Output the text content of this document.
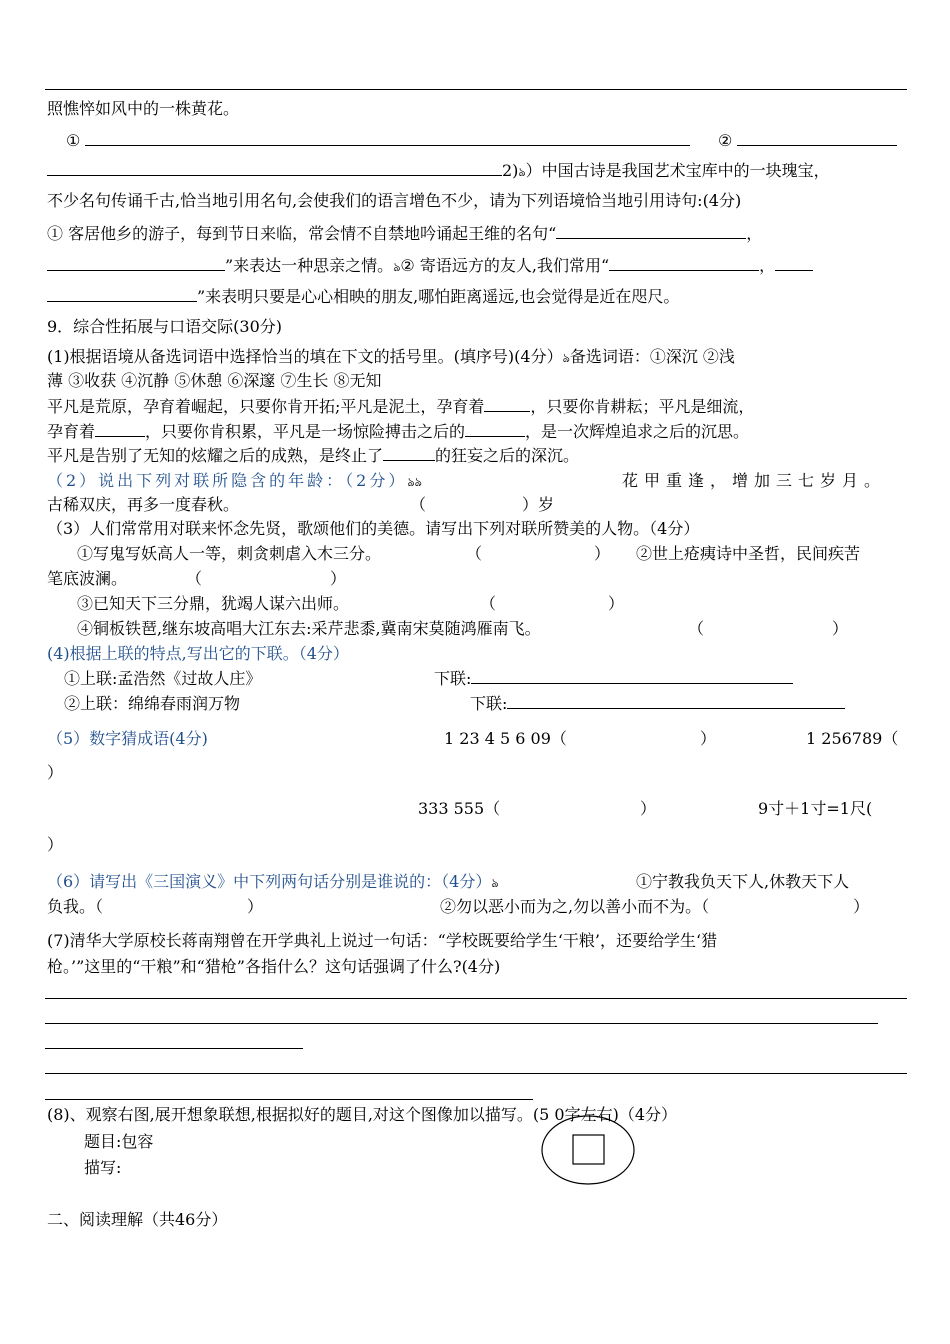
照憔悴如风中的一株黄花。
①	②
2)ঌ）中国古诗是我国艺术宝库中的一块瑰宝，
不少名句传诵千古,恰当地引用名句,会使我们的语言增色不少，请为下列语境恰当地引用诗句:(4分)
① 客居他乡的游子，每到节日来临，常会情不自禁地吟诵起王维的名句“	，
”来表达一种思亲之情。ঌ② 寄语远方的友人,我们常用“	，
”来表明只要是心心相映的朋友,哪怕距离遥远,也会觉得是近在咫尺。
9．综合性拓展与口语交际(30分)
(1)根据语境从备选词语中选择恰当的填在下文的括号里。(填序号)(4分）ঌ备选词语：①深沉 ②浅
薄 ③收获 ④沉静 ⑤休憩 ⑥深邃 ⑦生长 ⑧无知
平凡是荒原，孕育着崛起，只要你肯开拓;平凡是泥土，孕育着	，只要你肯耕耘；平凡是细流，
孕育着	，只要你肯积累，平凡是一场惊险搏击之后的	，是一次辉煌追求之后的沉思。
平凡是告别了无知的炫耀之后的成熟，是终止了	的狂妄之后的深沉。
（2）说出下列对联所隐含的年龄：（2分）ঌঌ	花甲重逢，增加三七岁月。
古稀双庆，再多一度春秋。	（　　　　　　）岁
（3）人们常常用对联来怀念先贤，歌颂他们的美德。请写出下列对联所赞美的人物。（4分）
①写鬼写妖高人一等，刺贪刺虐入木三分。	（　　　　　　　） ②世上疮痍诗中圣哲，民间疾苦
笔底波澜。	（　　　　　　　　）
③已知天下三分鼎，犹竭人谋六出师。	（　　　　　　　）
④铜板铁琶,继东坡高唱大江东去:采芹悲黍,冀南宋莫随鸿雁南飞。	（　　　　　　　　）
(4)根据上联的特点,写出它的下联。（4分）
①上联:孟浩然《过故人庄》	下联:
②上联：绵绵春雨润万物	下联:
（5）数字猜成语(4分)	1 23 4 5 6 09（	）	1 256789（
）
333 555（	）	9寸＋1寸=1尺(
）
（6）请写出《三国演义》中下列两句话分别是谁说的：（4分）ঌ	①宁教我负天下人,休教天下人
负我。（　　　　　　　　　）	②勿以恶小而为之,勿以善小而不为。（　　　　　　　　　）
(7)清华大学原校长蒋南翔曾在开学典礼上说过一句话：“学校既要给学生‘干粮’，还要给学生‘猎
枪。’”这里的“干粮”和“猎枪”各指什么？这句话强调了什么?(4分)
(8)、观察右图,展开想象联想,根据拟好的题目,对这个图像加以描写。(5 0字左右)（4分）
题目:包容
描写:
二、阅读理解（共46分）
